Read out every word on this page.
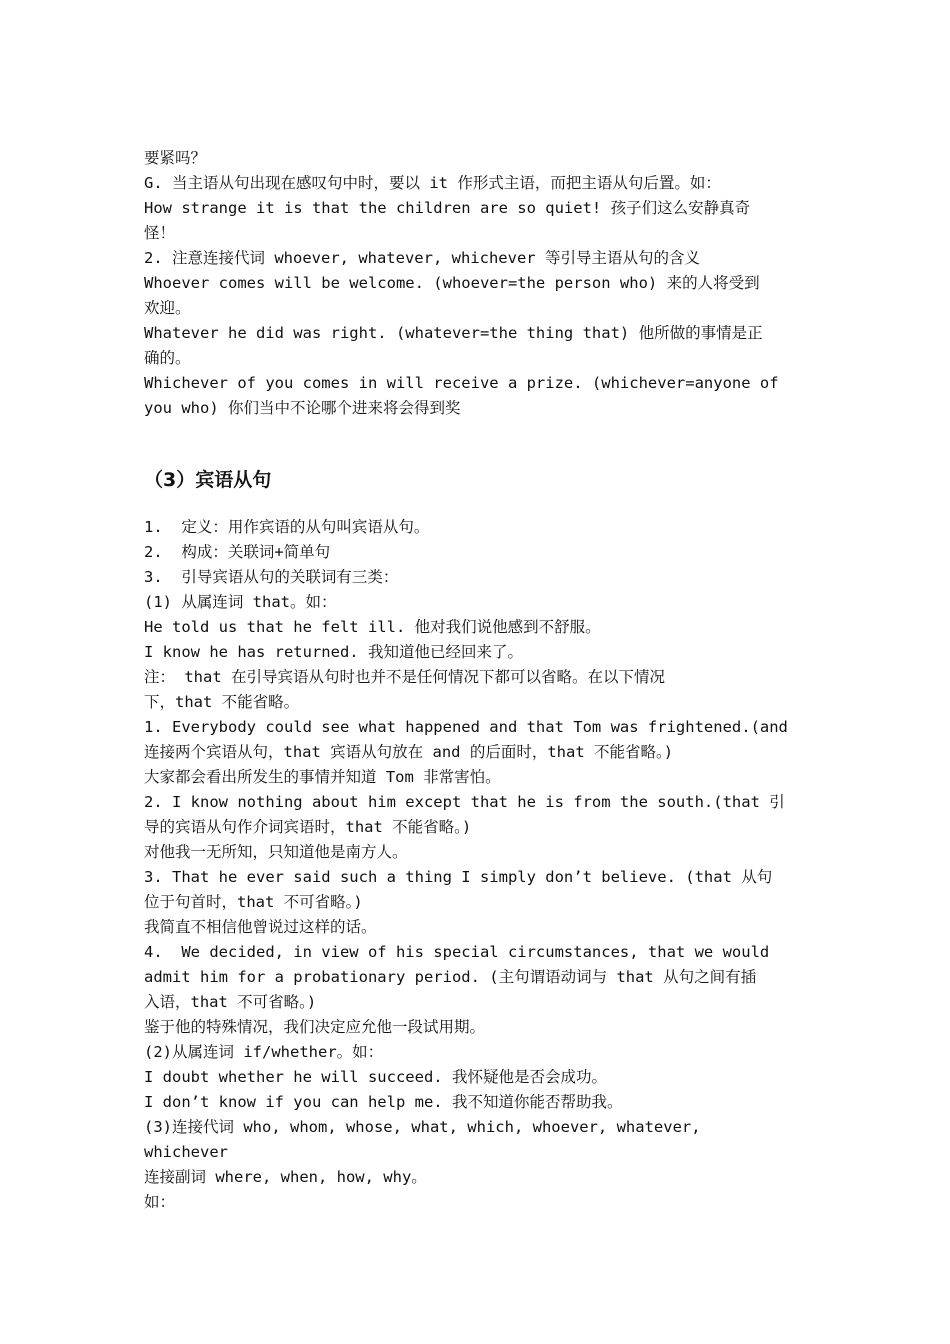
要紧吗？
G. 当主语从句出现在感叹句中时，要以 it 作形式主语，而把主语从句后置。如：
How strange it is that the children are so quiet! 孩子们这么安静真奇
怪！
2. 注意连接代词 whoever, whatever, whichever 等引导主语从句的含义
Whoever comes will be welcome. (whoever=the person who) 来的人将受到
欢迎。
Whatever he did was right. (whatever=the thing that) 他所做的事情是正
确的。
Whichever of you comes in will receive a prize. (whichever=anyone of
you who) 你们当中不论哪个进来将会得到奖
（3）宾语从句
1.  定义：用作宾语的从句叫宾语从句。
2.  构成：关联词+简单句
3.  引导宾语从句的关联词有三类：
(1) 从属连词 that。如：
He told us that he felt ill. 他对我们说他感到不舒服。
I know he has returned. 我知道他已经回来了。
注： that 在引导宾语从句时也并不是任何情况下都可以省略。在以下情况
下，that 不能省略。
1. Everybody could see what happened and that Tom was frightened.(and
连接两个宾语从句，that 宾语从句放在 and 的后面时，that 不能省略。)
大家都会看出所发生的事情并知道 Tom 非常害怕。
2. I know nothing about him except that he is from the south.(that 引
导的宾语从句作介词宾语时，that 不能省略。)
对他我一无所知，只知道他是南方人。
3. That he ever said such a thing I simply don’t believe. (that 从句
位于句首时，that 不可省略。)
我简直不相信他曾说过这样的话。
4.  We decided, in view of his special circumstances, that we would
admit him for a probationary period. (主句谓语动词与 that 从句之间有插
入语，that 不可省略。)
鉴于他的特殊情况，我们决定应允他一段试用期。
(2)从属连词 if/whether。如：
I doubt whether he will succeed. 我怀疑他是否会成功。
I don’t know if you can help me. 我不知道你能否帮助我。
(3)连接代词 who, whom, whose, what, which, whoever, whatever,
whichever
连接副词 where, when, how, why。
如：
